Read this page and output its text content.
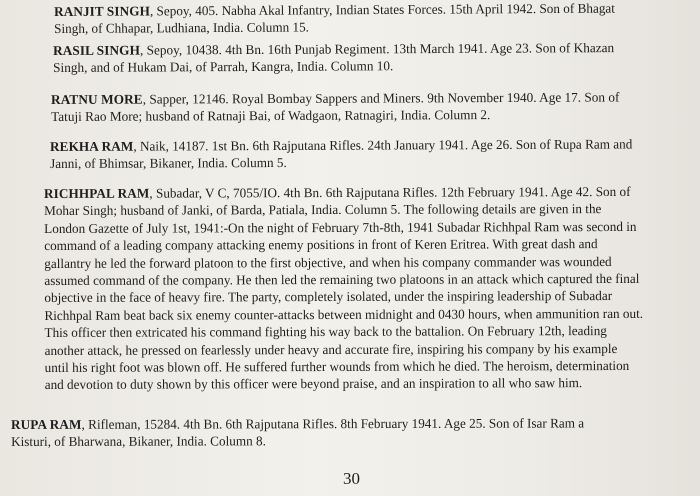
RANJIT SINGH, Sepoy, 405. Nabha Akal Infantry, Indian States Forces. 15th April 1942. Son of Bhagat
Singh, of Chhapar, Ludhiana, India. Column 15.
RASIL SINGH, Sepoy, 10438. 4th Bn. 16th Punjab Regiment. 13th March 1941. Age 23. Son of Khazan
Singh, and of Hukam Dai, of Parrah, Kangra, India. Column 10.
RATNU MORE, Sapper, 12146. Royal Bombay Sappers and Miners. 9th November 1940. Age 17. Son of
Tatuji Rao More; husband of Ratnaji Bai, of Wadgaon, Ratnagiri, India. Column 2.
REKHA RAM, Naik, 14187. 1st Bn. 6th Rajputana Rifles. 24th January 1941. Age 26. Son of Rupa Ram and
Janni, of Bhimsar, Bikaner, India. Column 5.
RICHHPAL RAM, Subadar, V C, 7055/IO. 4th Bn. 6th Rajputana Rifles. 12th February 1941. Age 42. Son of
Mohar Singh; husband of Janki, of Barda, Patiala, India. Column 5. The following details are given in the
London Gazette of July 1st, 1941:-On the night of February 7th-8th, 1941 Subadar Richhpal Ram was second in
command of a leading company attacking enemy positions in front of Keren Eritrea. With great dash and
gallantry he led the forward platoon to the first objective, and when his company commander was wounded
assumed command of the company. He then led the remaining two platoons in an attack which captured the final
objective in the face of heavy fire. The party, completely isolated, under the inspiring leadership of Subadar
Richhpal Ram beat back six enemy counter-attacks between midnight and 0430 hours, when ammunition ran out.
This officer then extricated his command fighting his way back to the battalion. On February 12th, leading
another attack, he pressed on fearlessly under heavy and accurate fire, inspiring his company by his example
until his right foot was blown off. He suffered further wounds from which he died. The heroism, determination
and devotion to duty shown by this officer were beyond praise, and an inspiration to all who saw him.
RUPA RAM, Rifleman, 15284. 4th Bn. 6th Rajputana Rifles. 8th February 1941. Age 25. Son of Isar Ram a
Kisturi, of Bharwana, Bikaner, India. Column 8.
30
